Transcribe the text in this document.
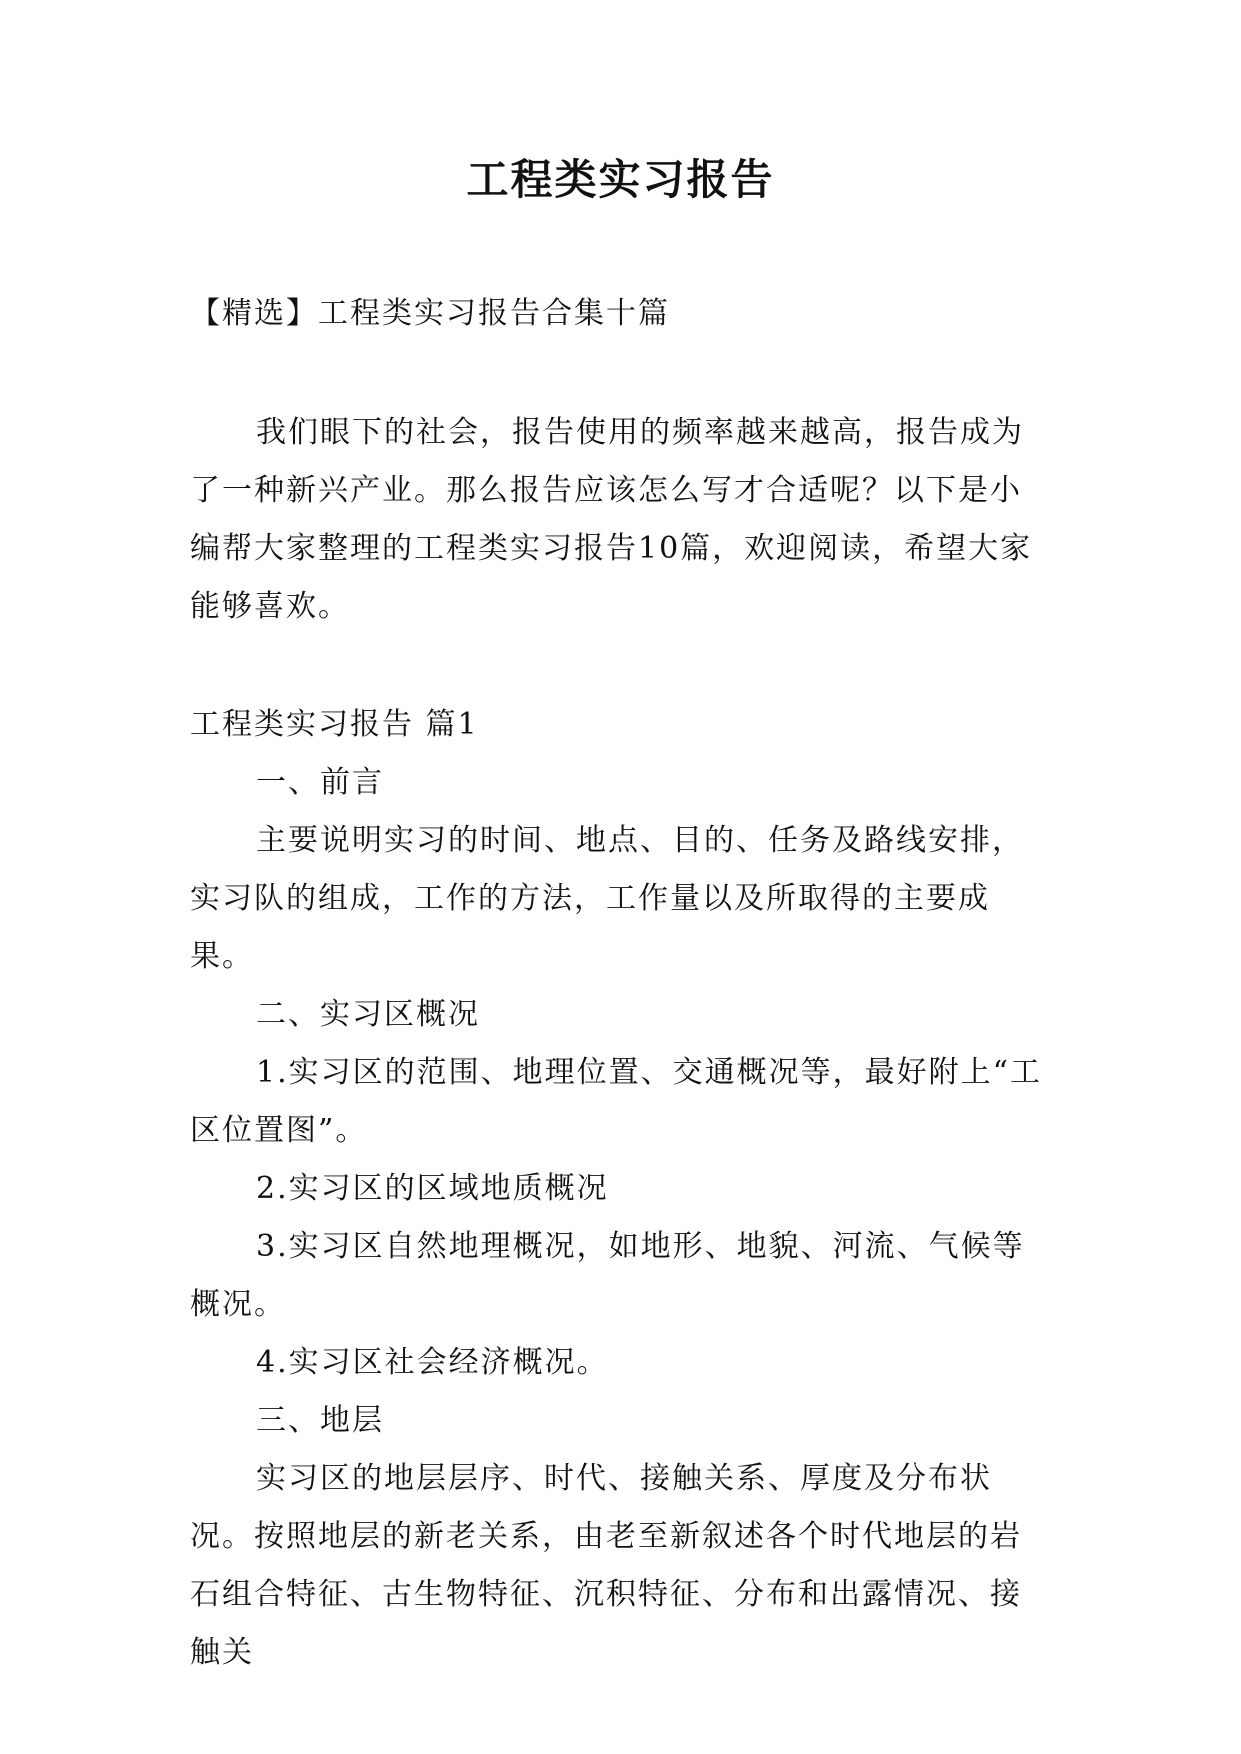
工程类实习报告
【精选】工程类实习报告合集十篇

我们眼下的社会，报告使用的频率越来越高，报告成为了一种新兴产业。那么报告应该怎么写才合适呢？以下是小编帮大家整理的工程类实习报告10篇，欢迎阅读，希望大家能够喜欢。

工程类实习报告 篇1

一、前言

主要说明实习的时间、地点、目的、任务及路线安排，实习队的组成，工作的方法，工作量以及所取得的主要成果。

二、实习区概况

1.实习区的范围、地理位置、交通概况等，最好附上“工区位置图”。

2.实习区的区域地质概况

3.实习区自然地理概况，如地形、地貌、河流、气候等概况。

4.实习区社会经济概况。

三、地层

实习区的地层层序、时代、接触关系、厚度及分布状况。按照地层的新老关系，由老至新叙述各个时代地层的岩石组合特征、古生物特征、沉积特征、分布和出露情况、接触关
